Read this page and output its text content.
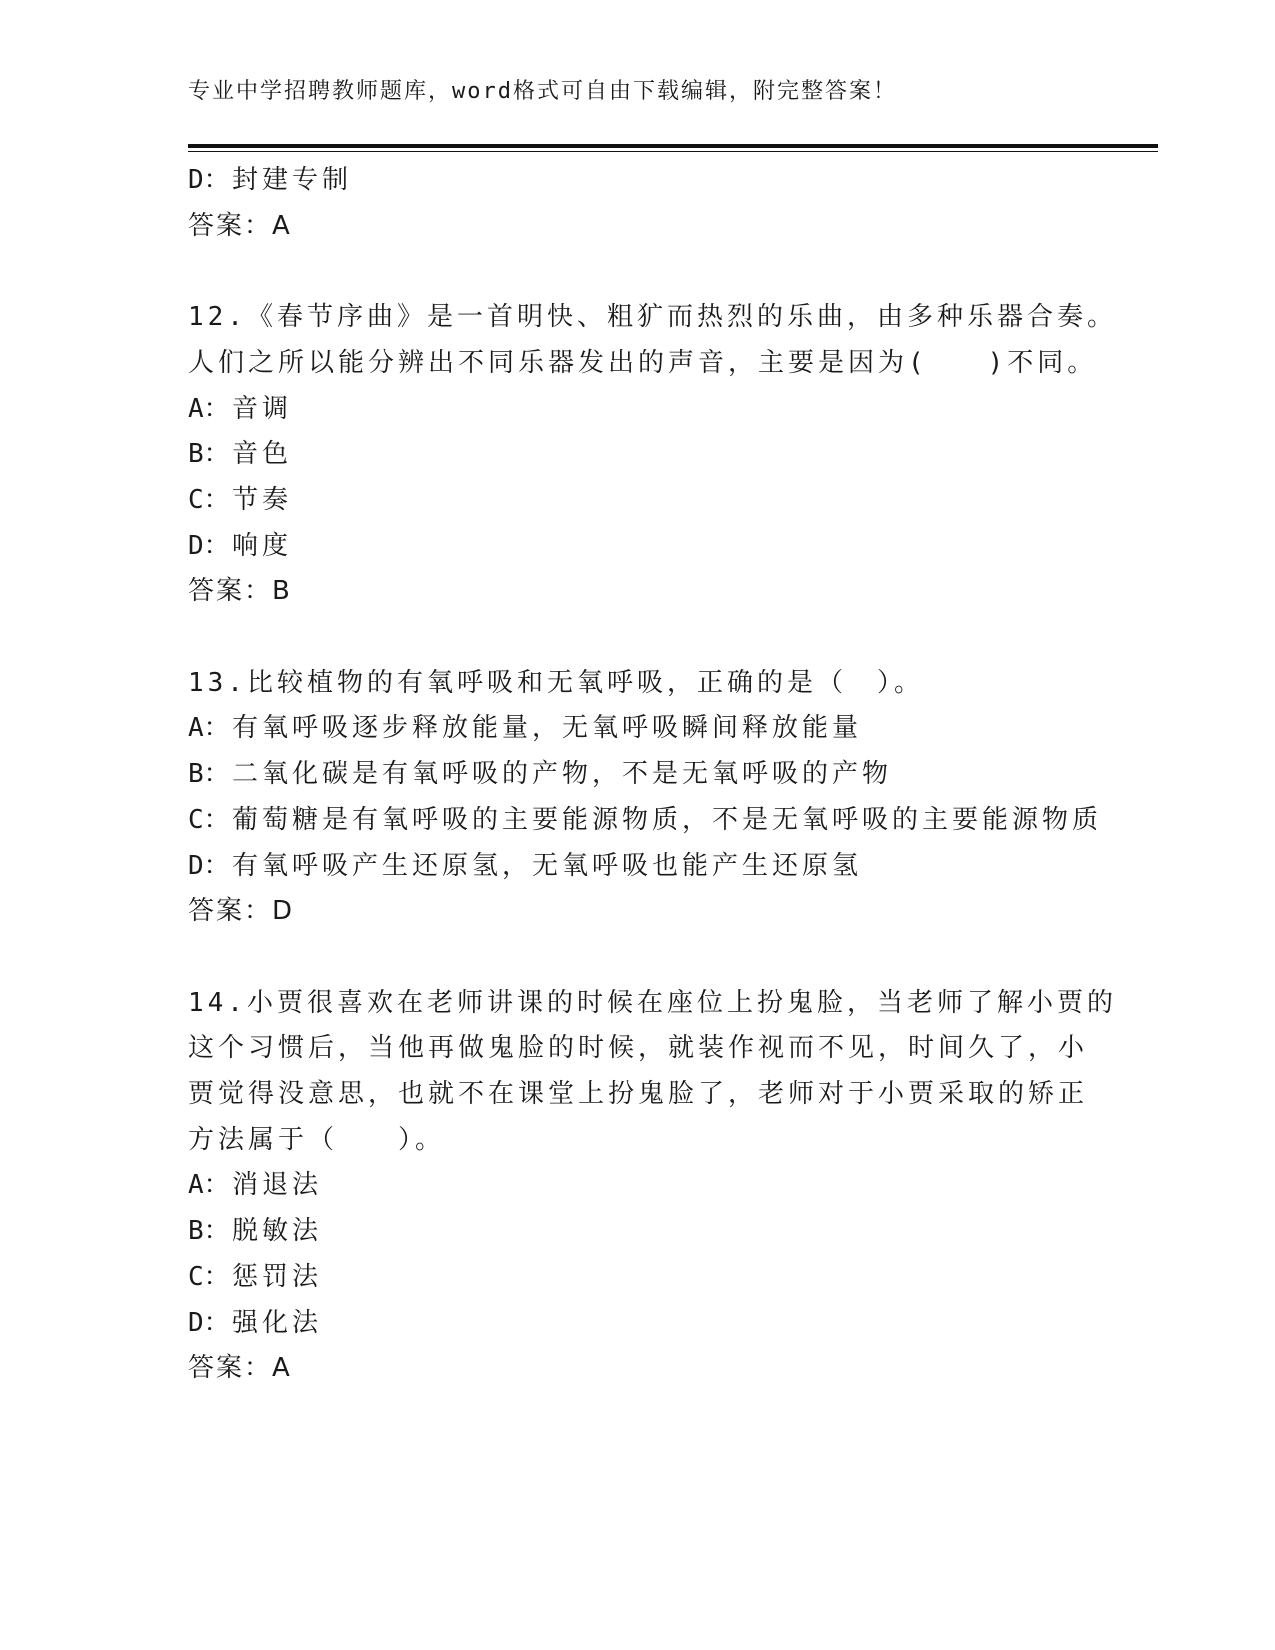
专业中学招聘教师题库，word格式可自由下载编辑，附完整答案！
D：封建专制
答案：A
12.《春节序曲》是一首明快、粗犷而热烈的乐曲，由多种乐器合奏。
人们之所以能分辨出不同乐器发出的声音，主要是因为(　　)不同。
A：音调
B：音色
C：节奏
D：响度
答案：B
13.比较植物的有氧呼吸和无氧呼吸，正确的是（　）。
A：有氧呼吸逐步释放能量，无氧呼吸瞬间释放能量
B：二氧化碳是有氧呼吸的产物，不是无氧呼吸的产物
C：葡萄糖是有氧呼吸的主要能源物质，不是无氧呼吸的主要能源物质
D：有氧呼吸产生还原氢，无氧呼吸也能产生还原氢
答案：D
14.小贾很喜欢在老师讲课的时候在座位上扮鬼脸，当老师了解小贾的
这个习惯后，当他再做鬼脸的时候，就装作视而不见，时间久了，小
贾觉得没意思，也就不在课堂上扮鬼脸了，老师对于小贾采取的矫正
方法属于（　　）。
A：消退法
B：脱敏法
C：惩罚法
D：强化法
答案：A
